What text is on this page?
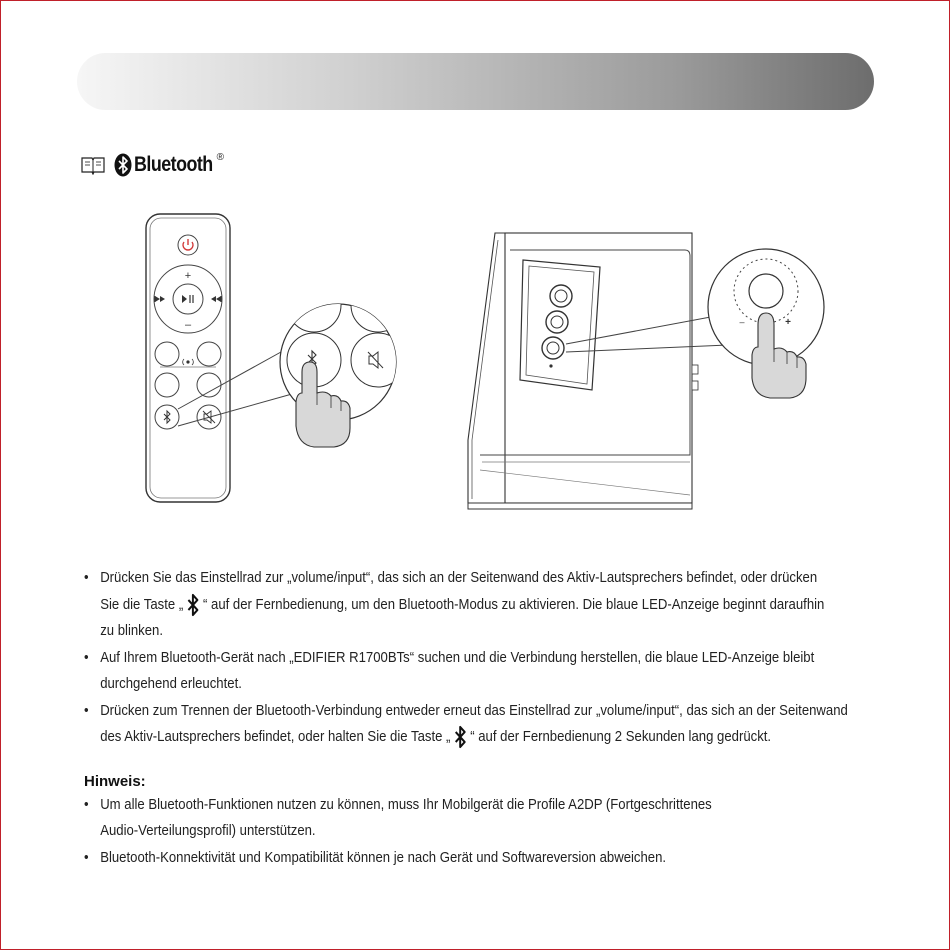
Bluetooth ®
+
–	–	+
• Drücken Sie das Einstellrad zur „volume/input“, das sich an der Seitenwand des Aktiv-Lautsprechers befindet, oder drücken
Sie die Taste „ “ auf der Fernbedienung, um den Bluetooth-Modus zu aktivieren. Die blaue LED-Anzeige beginnt daraufhin
zu blinken.
• Auf Ihrem Bluetooth-Gerät nach „EDIFIER R1700BTs“ suchen und die Verbindung herstellen, die blaue LED-Anzeige bleibt
durchgehend erleuchtet.
• Drücken zum Trennen der Bluetooth-Verbindung entweder erneut das Einstellrad zur „volume/input“, das sich an der Seitenwand
des Aktiv-Lautsprechers befindet, oder halten Sie die Taste „ “ auf der Fernbedienung 2 Sekunden lang gedrückt.
Hinweis:
• Um alle Bluetooth-Funktionen nutzen zu können, muss Ihr Mobilgerät die Profile A2DP (Fortgeschrittenes
Audio-Verteilungsprofil) unterstützen.
• Bluetooth-Konnektivität und Kompatibilität können je nach Gerät und Softwareversion abweichen.
